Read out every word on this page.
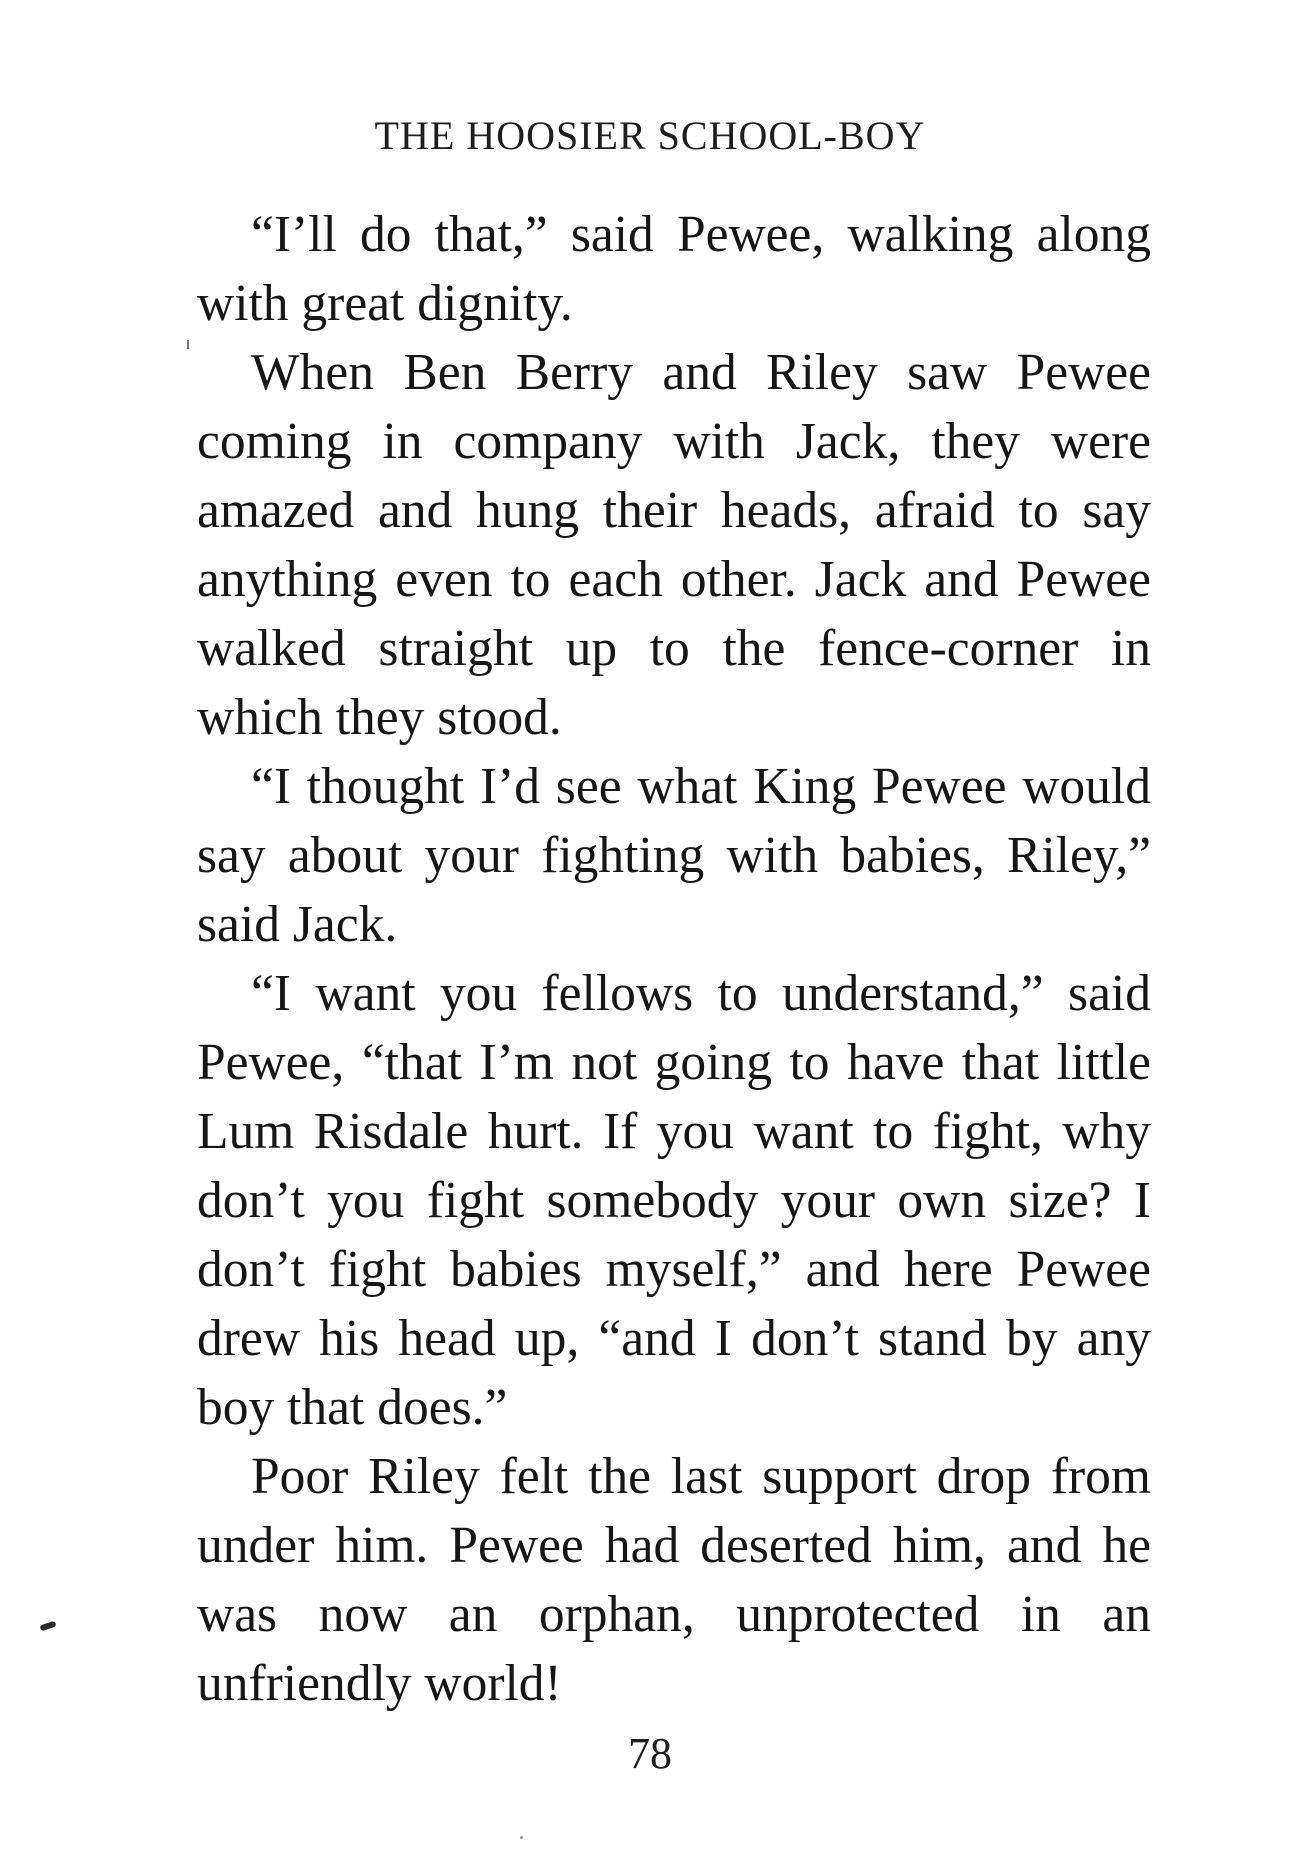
THE HOOSIER SCHOOL-BOY

“I’ll do that,” said Pewee, walking along with great dignity.

When Ben Berry and Riley saw Pewee coming in company with Jack, they were amazed and hung their heads, afraid to say anything even to each other. Jack and Pewee walked straight up to the fence-corner in which they stood.

“I thought I’d see what King Pewee would say about your fighting with babies, Riley,” said Jack.

“I want you fellows to understand,” said Pewee, “that I’m not going to have that little Lum Risdale hurt. If you want to fight, why don’t you fight somebody your own size? I don’t fight babies myself,” and here Pewee drew his head up, “and I don’t stand by any boy that does.”

Poor Riley felt the last support drop from under him. Pewee had deserted him, and he was now an orphan, unprotected in an unfriendly world!

78
